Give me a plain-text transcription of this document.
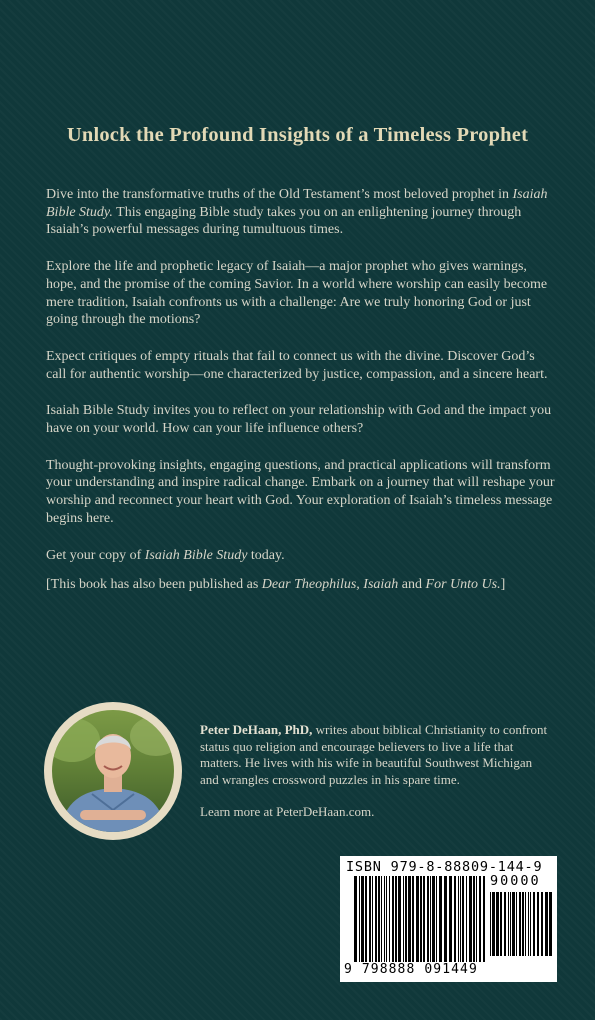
Unlock the Profound Insights of a Timeless Prophet

Dive into the transformative truths of the Old Testament’s most beloved prophet in Isaiah Bible Study. This engaging Bible study takes you on an enlightening journey through Isaiah’s powerful messages during tumultuous times.

Explore the life and prophetic legacy of Isaiah—a major prophet who gives warnings, hope, and the promise of the coming Savior. In a world where worship can easily become mere tradition, Isaiah confronts us with a challenge: Are we truly honoring God or just going through the motions?

Expect critiques of empty rituals that fail to connect us with the divine. Discover God’s call for authentic worship—one characterized by justice, compassion, and a sincere heart.

Isaiah Bible Study invites you to reflect on your relationship with God and the impact you have on your world. How can your life influence others?

Thought-provoking insights, engaging questions, and practical applications will transform your understanding and inspire radical change. Embark on a journey that will reshape your worship and reconnect your heart with God. Your exploration of Isaiah’s timeless message begins here.

Get your copy of Isaiah Bible Study today.

[This book has also been published as Dear Theophilus, Isaiah and For Unto Us.]

Peter DeHaan, PhD, writes about biblical Christianity to confront status quo religion and encourage believers to live a life that matters. He lives with his wife in beautiful Southwest Michigan and wrangles crossword puzzles in his spare time.

Learn more at PeterDeHaan.com.

ISBN 979-8-88809-144-9
90000
9 798888 091449
